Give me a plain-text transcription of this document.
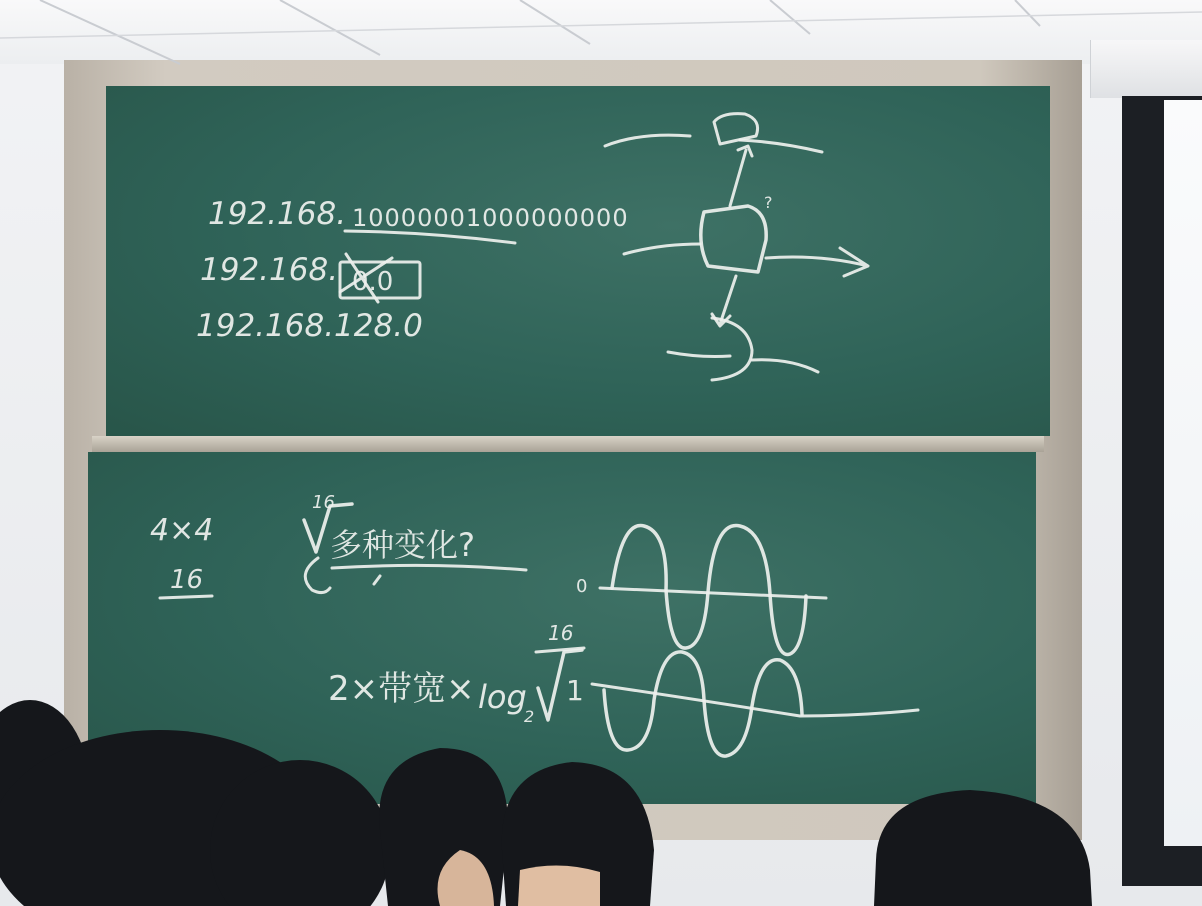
192.168. 10000001000000000
192.168. 0.0
192.168.128.0
?
4×4
16
16
多种变化?
0
2×带宽× log
2
16
1
